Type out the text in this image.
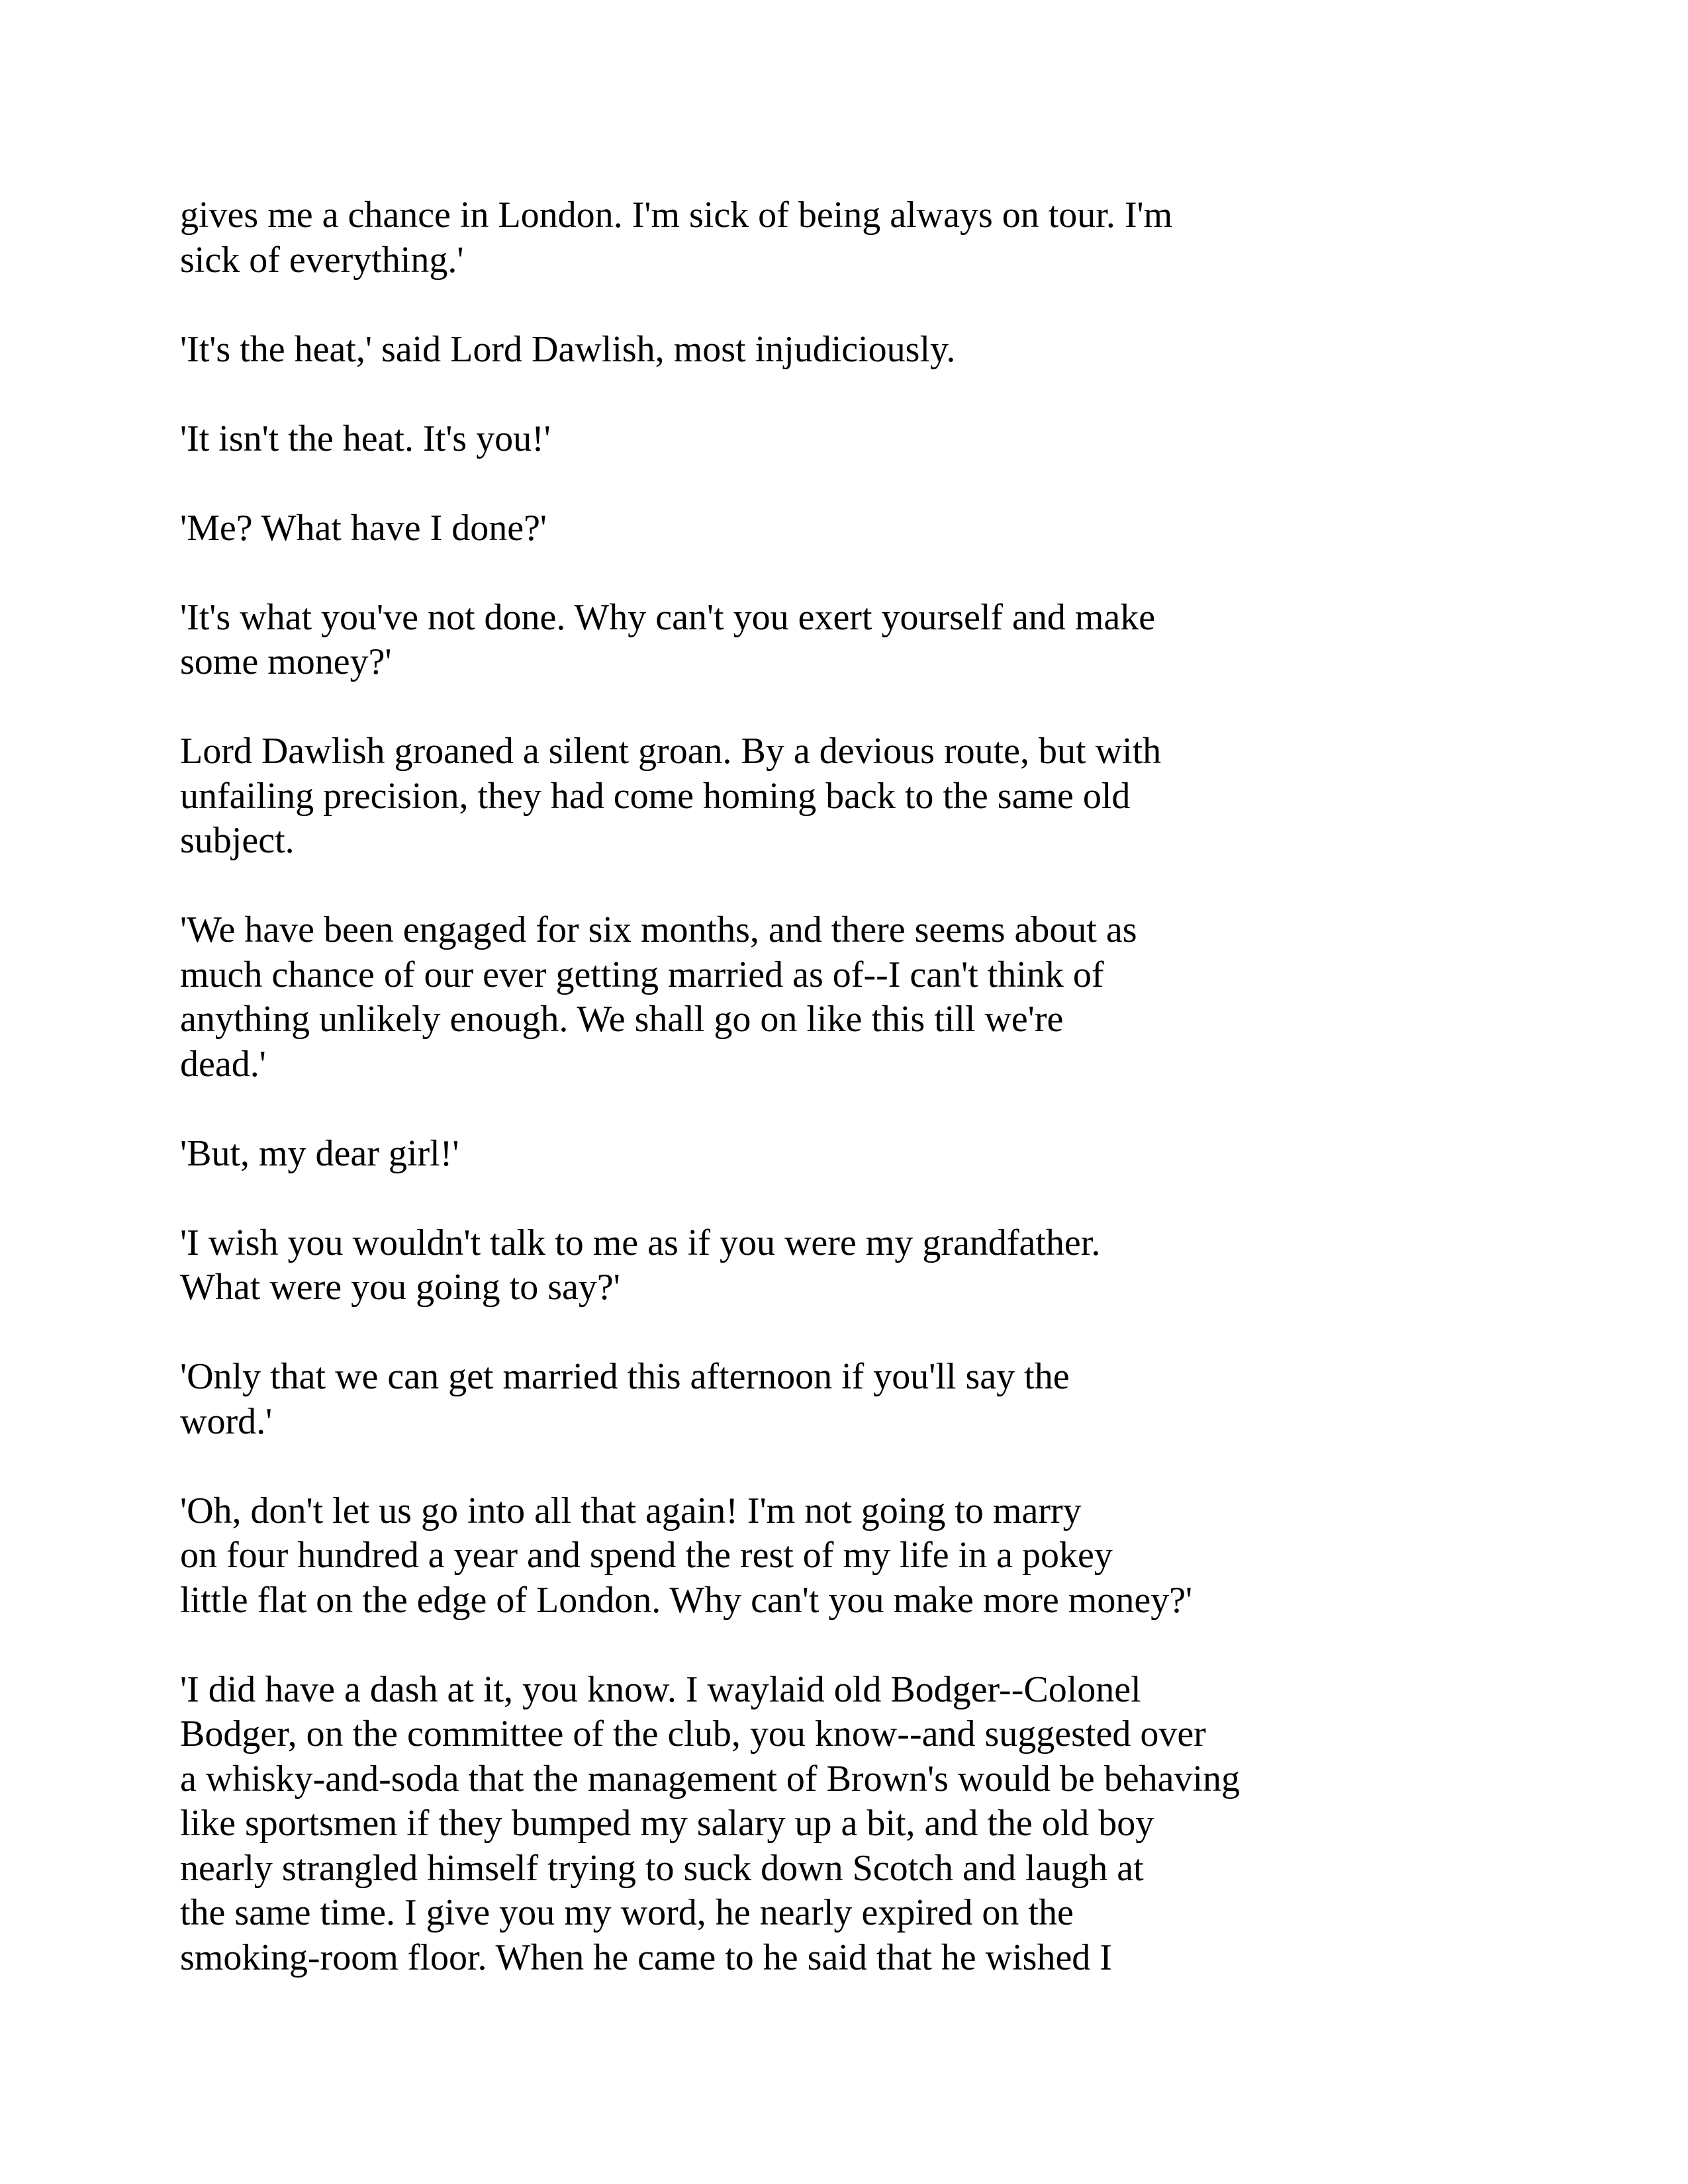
gives me a chance in London. I'm sick of being always on tour. I'm
sick of everything.'

'It's the heat,' said Lord Dawlish, most injudiciously.

'It isn't the heat. It's you!'

'Me? What have I done?'

'It's what you've not done. Why can't you exert yourself and make
some money?'

Lord Dawlish groaned a silent groan. By a devious route, but with
unfailing precision, they had come homing back to the same old
subject.

'We have been engaged for six months, and there seems about as
much chance of our ever getting married as of--I can't think of
anything unlikely enough. We shall go on like this till we're
dead.'

'But, my dear girl!'

'I wish you wouldn't talk to me as if you were my grandfather.
What were you going to say?'

'Only that we can get married this afternoon if you'll say the
word.'

'Oh, don't let us go into all that again! I'm not going to marry
on four hundred a year and spend the rest of my life in a pokey
little flat on the edge of London. Why can't you make more money?'

'I did have a dash at it, you know. I waylaid old Bodger--Colonel
Bodger, on the committee of the club, you know--and suggested over
a whisky-and-soda that the management of Brown's would be behaving
like sportsmen if they bumped my salary up a bit, and the old boy
nearly strangled himself trying to suck down Scotch and laugh at
the same time. I give you my word, he nearly expired on the
smoking-room floor. When he came to he said that he wished I
